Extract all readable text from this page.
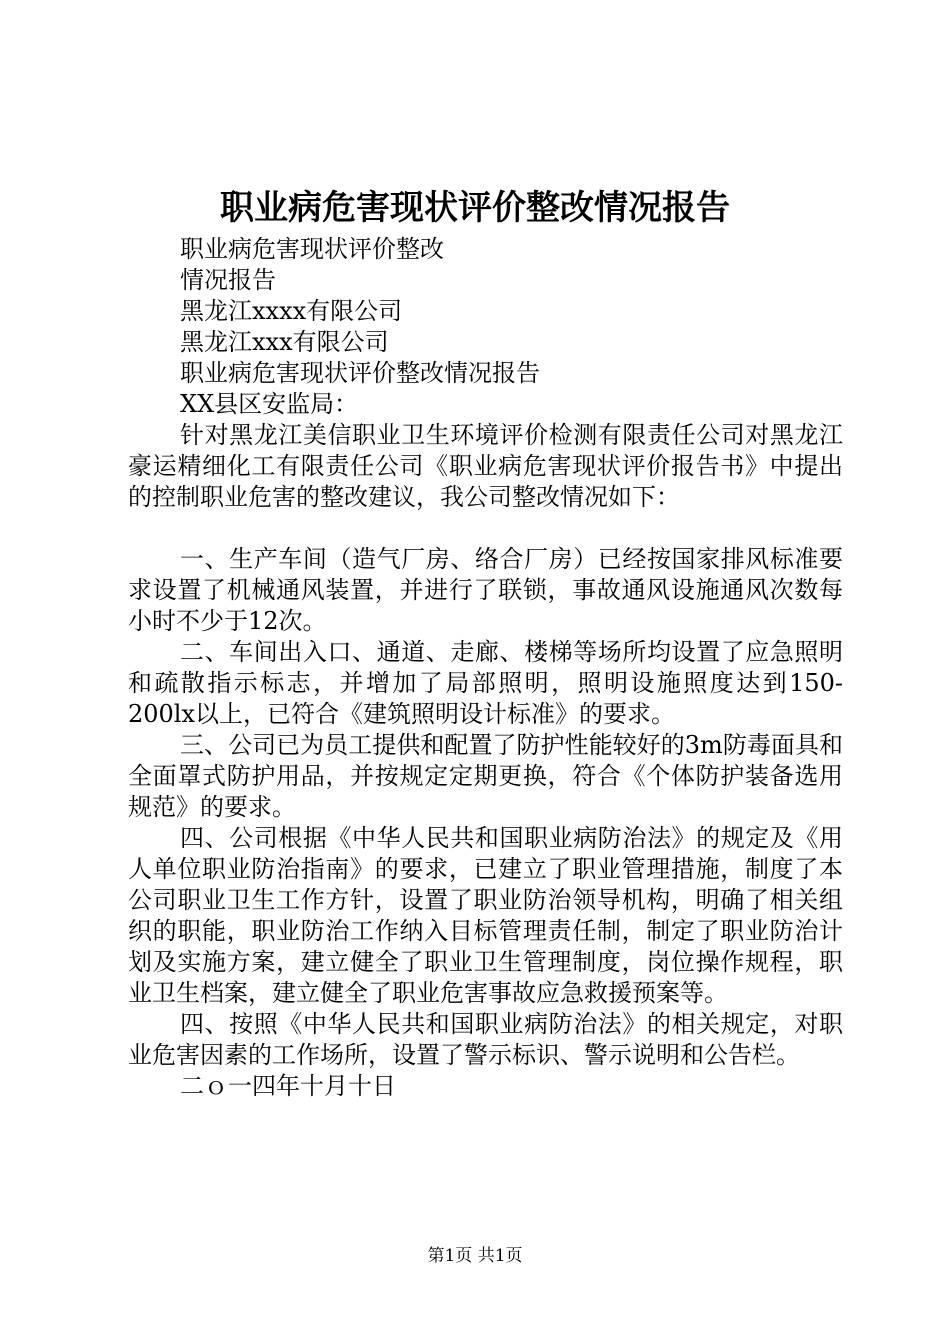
职业病危害现状评价整改情况报告

职业病危害现状评价整改

情况报告

黑龙江xxxx有限公司

黑龙江xxx有限公司

职业病危害现状评价整改情况报告

XX县区安监局：

针对黑龙江美信职业卫生环境评价检测有限责任公司对黑龙江豪运精细化工有限责任公司《职业病危害现状评价报告书》中提出的控制职业危害的整改建议，我公司整改情况如下：

一、生产车间（造气厂房、络合厂房）已经按国家排风标准要求设置了机械通风装置，并进行了联锁，事故通风设施通风次数每小时不少于12次。

二、车间出入口、通道、走廊、楼梯等场所均设置了应急照明和疏散指示标志，并增加了局部照明，照明设施照度达到150-200lx以上，已符合《建筑照明设计标准》的要求。

三、公司已为员工提供和配置了防护性能较好的3m防毒面具和全面罩式防护用品，并按规定定期更换，符合《个体防护装备选用规范》的要求。

四、公司根据《中华人民共和国职业病防治法》的规定及《用人单位职业防治指南》的要求，已建立了职业管理措施，制度了本公司职业卫生工作方针，设置了职业防治领导机构，明确了相关组织的职能，职业防治工作纳入目标管理责任制，制定了职业防治计划及实施方案，建立健全了职业卫生管理制度，岗位操作规程，职业卫生档案，建立健全了职业危害事故应急救援预案等。

四、按照《中华人民共和国职业病防治法》的相关规定，对职业危害因素的工作场所，设置了警示标识、警示说明和公告栏。

二ｏ一四年十月十日

第1页 共1页
